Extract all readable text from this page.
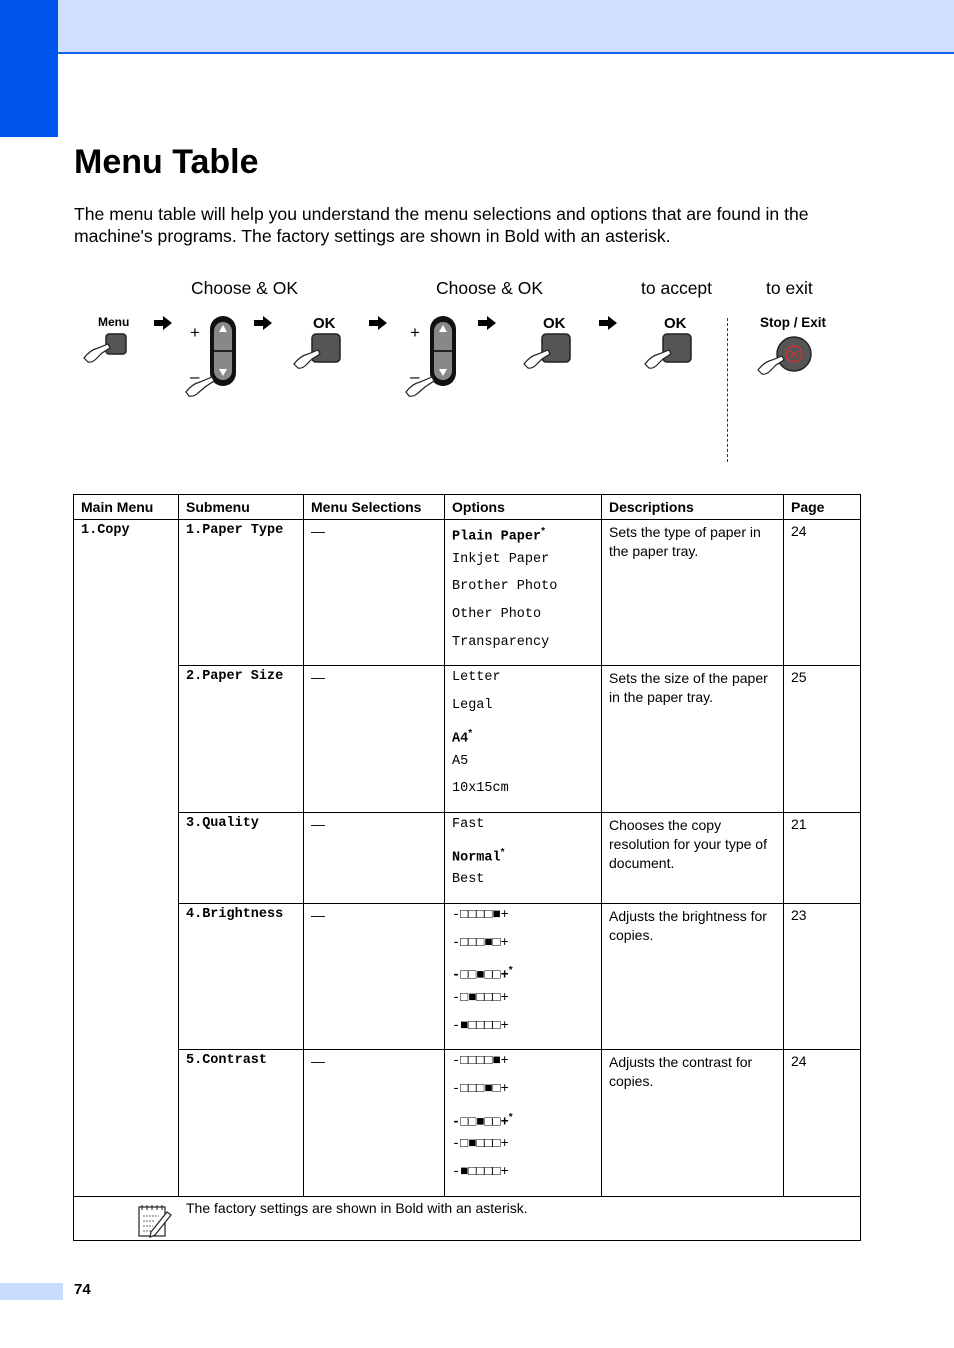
Menu Table

The menu table will help you understand the menu selections and options that are found in the machine's programs. The factory settings are shown in Bold with an asterisk.

Choose & OK	Choose & OK	to accept	to exit
Menu
+
–
OK	+
–
OK	OK	Stop / Exit
Main Menu	Submenu	Menu Selections	Options	Descriptions	Page
1.Copy	1.Paper Type	—	Plain Paper*
Inkjet Paper
Brother Photo
Other Photo
Transparency	Sets the type of paper in the paper tray.	24
	2.Paper Size	—	Letter
Legal
A4*
A5
10x15cm	Sets the size of the paper in the paper tray.	25
	3.Quality	—	Fast
Normal*
Best	Chooses the copy resolution for your type of document.	21
	4.Brightness	—	-□□□□■+
-□□□■□+
-□□■□□+*
-□■□□□+
-■□□□□+	Adjusts the brightness for copies.	23
	5.Contrast	—	-□□□□■+
-□□□■□+
-□□■□□+*
-□■□□□+
-■□□□□+	Adjusts the contrast for copies.	24

The factory settings are shown in Bold with an asterisk.					
74
